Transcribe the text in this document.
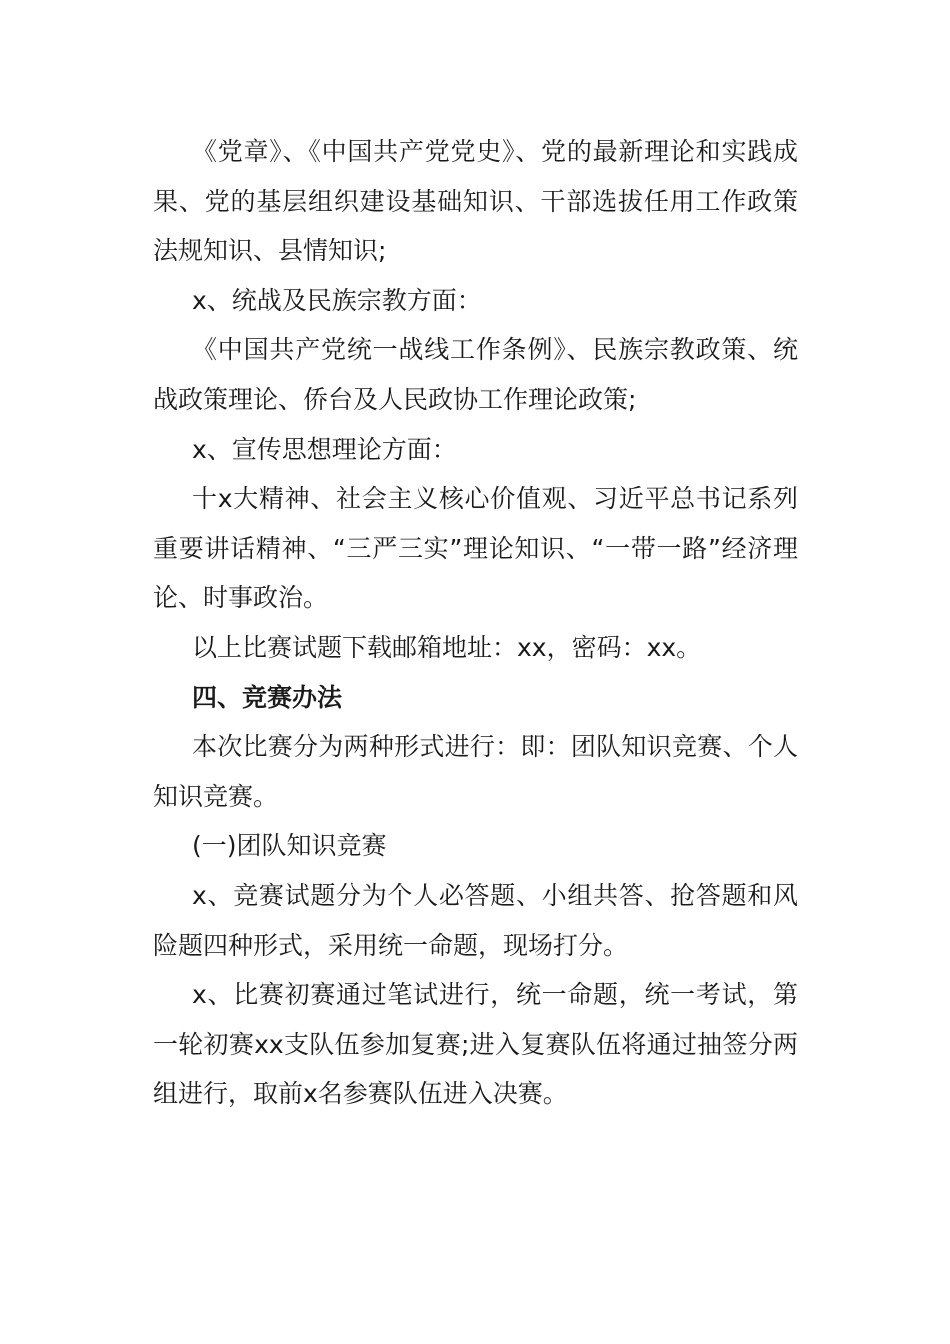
《党章》、《中国共产党党史》、党的最新理论和实践成果、党的基层组织建设基础知识、干部选拔任用工作政策法规知识、县情知识;

x、统战及民族宗教方面：

《中国共产党统一战线工作条例》、民族宗教政策、统战政策理论、侨台及人民政协工作理论政策;

x、宣传思想理论方面：

十x大精神、社会主义核心价值观、习近平总书记系列重要讲话精神、“三严三实”理论知识、“一带一路”经济理论、时事政治。

以上比赛试题下载邮箱地址：xx，密码：xx。

四、竞赛办法

本次比赛分为两种形式进行：即：团队知识竞赛、个人知识竞赛。

(一)团队知识竞赛

x、竞赛试题分为个人必答题、小组共答、抢答题和风险题四种形式，采用统一命题，现场打分。

x、比赛初赛通过笔试进行，统一命题，统一考试，第一轮初赛xx支队伍参加复赛;进入复赛队伍将通过抽签分两组进行，取前x名参赛队伍进入决赛。
